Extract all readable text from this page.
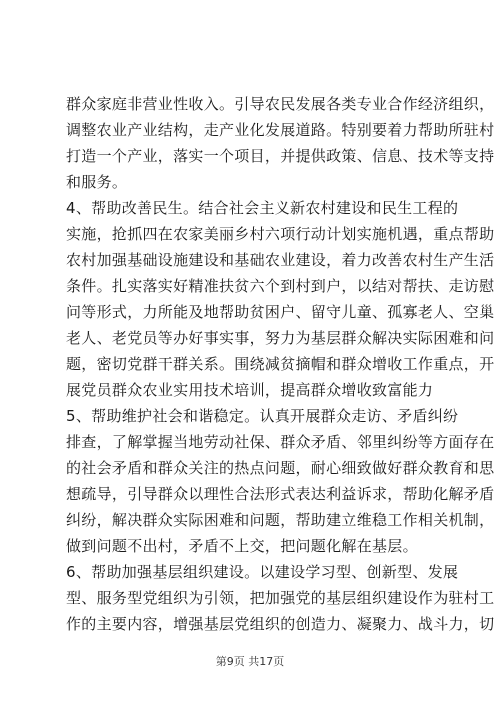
群众家庭非营业性收入。引导农民发展各类专业合作经济组织，
调整农业产业结构，走产业化发展道路。特别要着力帮助所驻村
打造一个产业，落实一个项目，并提供政策、信息、技术等支持
和服务。
4、帮助改善民生。结合社会主义新农村建设和民生工程的
实施，抢抓四在农家美丽乡村六项行动计划实施机遇，重点帮助
农村加强基础设施建设和基础农业建设，着力改善农村生产生活
条件。扎实落实好精准扶贫六个到村到户，以结对帮扶、走访慰
问等形式，力所能及地帮助贫困户、留守儿童、孤寡老人、空巢
老人、老党员等办好事实事，努力为基层群众解决实际困难和问
题，密切党群干群关系。围绕减贫摘帽和群众增收工作重点，开
展党员群众农业实用技术培训，提高群众增收致富能力
5、帮助维护社会和谐稳定。认真开展群众走访、矛盾纠纷
排查，了解掌握当地劳动社保、群众矛盾、邻里纠纷等方面存在
的社会矛盾和群众关注的热点问题，耐心细致做好群众教育和思
想疏导，引导群众以理性合法形式表达利益诉求，帮助化解矛盾
纠纷，解决群众实际困难和问题，帮助建立维稳工作相关机制，
做到问题不出村，矛盾不上交，把问题化解在基层。
6、帮助加强基层组织建设。以建设学习型、创新型、发展
型、服务型党组织为引领，把加强党的基层组织建设作为驻村工
作的主要内容，增强基层党组织的创造力、凝聚力、战斗力，切
第9页 共17页
